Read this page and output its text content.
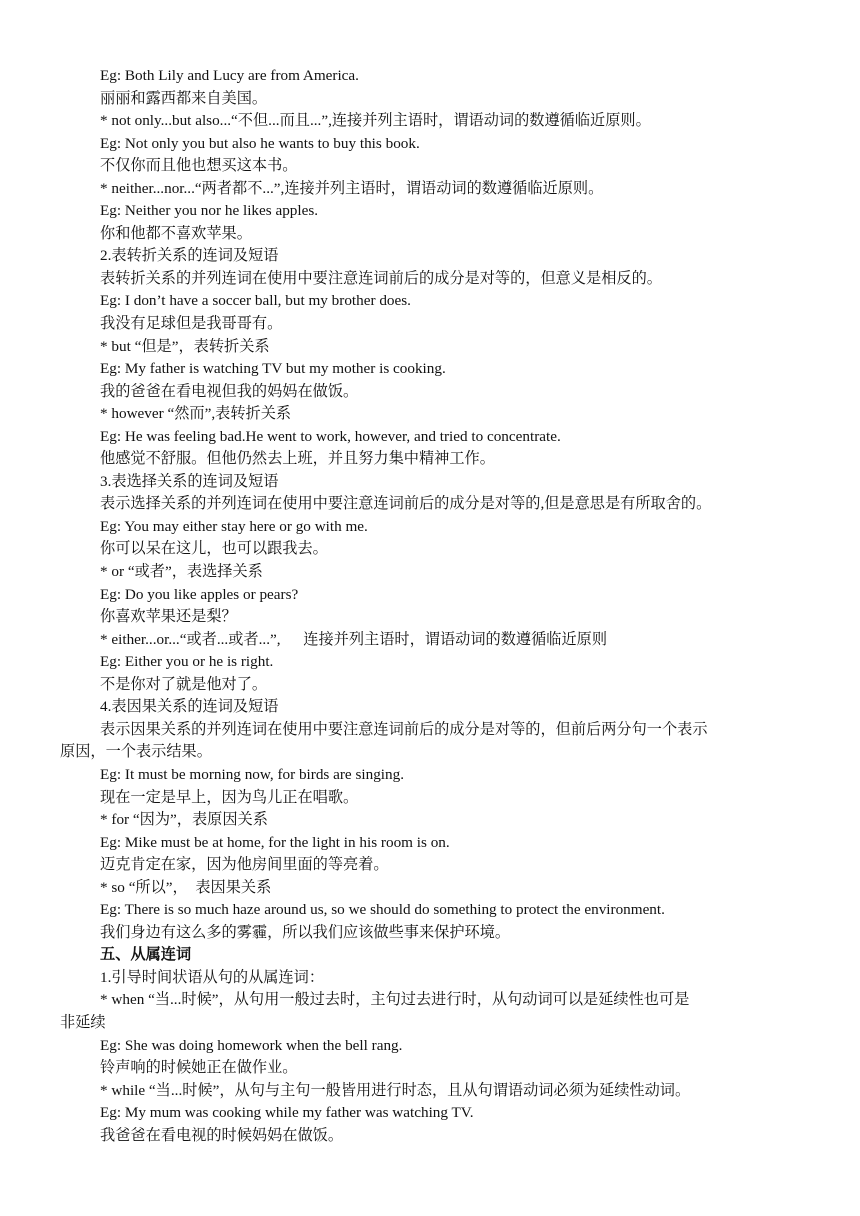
Eg: Both Lily and Lucy are from America.
丽丽和露西都来自美国。
* not only...but also...“不但...而且...”,连接并列主语时，谓语动词的数遵循临近原则。
Eg: Not only you but also he wants to buy this book.
不仅你而且他也想买这本书。
* neither...nor...“两者都不...”,连接并列主语时，谓语动词的数遵循临近原则。
Eg: Neither you nor he likes apples.
你和他都不喜欢苹果。
2.表转折关系的连词及短语
表转折关系的并列连词在使用中要注意连词前后的成分是对等的，但意义是相反的。
Eg: I don’t have a soccer ball, but my brother does.
我没有足球但是我哥哥有。
* but “但是”，表转折关系
Eg: My father is watching TV but my mother is cooking.
我的爸爸在看电视但我的妈妈在做饭。
* however “然而”,表转折关系
Eg: He was feeling bad.He went to work, however, and tried to concentrate.
他感觉不舒服。但他仍然去上班，并且努力集中精神工作。
3.表选择关系的连词及短语
表示选择关系的并列连词在使用中要注意连词前后的成分是对等的,但是意思是有所取舍的。
Eg: You may either stay here or go with me.
你可以呆在这儿，也可以跟我去。
* or “或者”，表选择关系
Eg: Do you like apples or pears?
你喜欢苹果还是梨？
* either...or...“或者...或者...”,      连接并列主语时，谓语动词的数遵循临近原则
Eg: Either you or he is right.
不是你对了就是他对了。
4.表因果关系的连词及短语
表示因果关系的并列连词在使用中要注意连词前后的成分是对等的，但前后两分句一个表示
原因，一个表示结果。
Eg: It must be morning now, for birds are singing.
现在一定是早上，因为鸟儿正在唱歌。
* for “因为”，表原因关系
Eg: Mike must be at home, for the light in his room is on.
迈克肯定在家，因为他房间里面的等亮着。
* so “所以”，  表因果关系
Eg: There is so much haze around us, so we should do something to protect the environment.
我们身边有这么多的雾霾，所以我们应该做些事来保护环境。
五、从属连词
1.引导时间状语从句的从属连词：
* when “当...时候”，从句用一般过去时，主句过去进行时，从句动词可以是延续性也可是
非延续
Eg: She was doing homework when the bell rang.
铃声响的时候她正在做作业。
* while “当...时候”，从句与主句一般皆用进行时态，且从句谓语动词必须为延续性动词。
Eg: My mum was cooking while my father was watching TV.
我爸爸在看电视的时候妈妈在做饭。
